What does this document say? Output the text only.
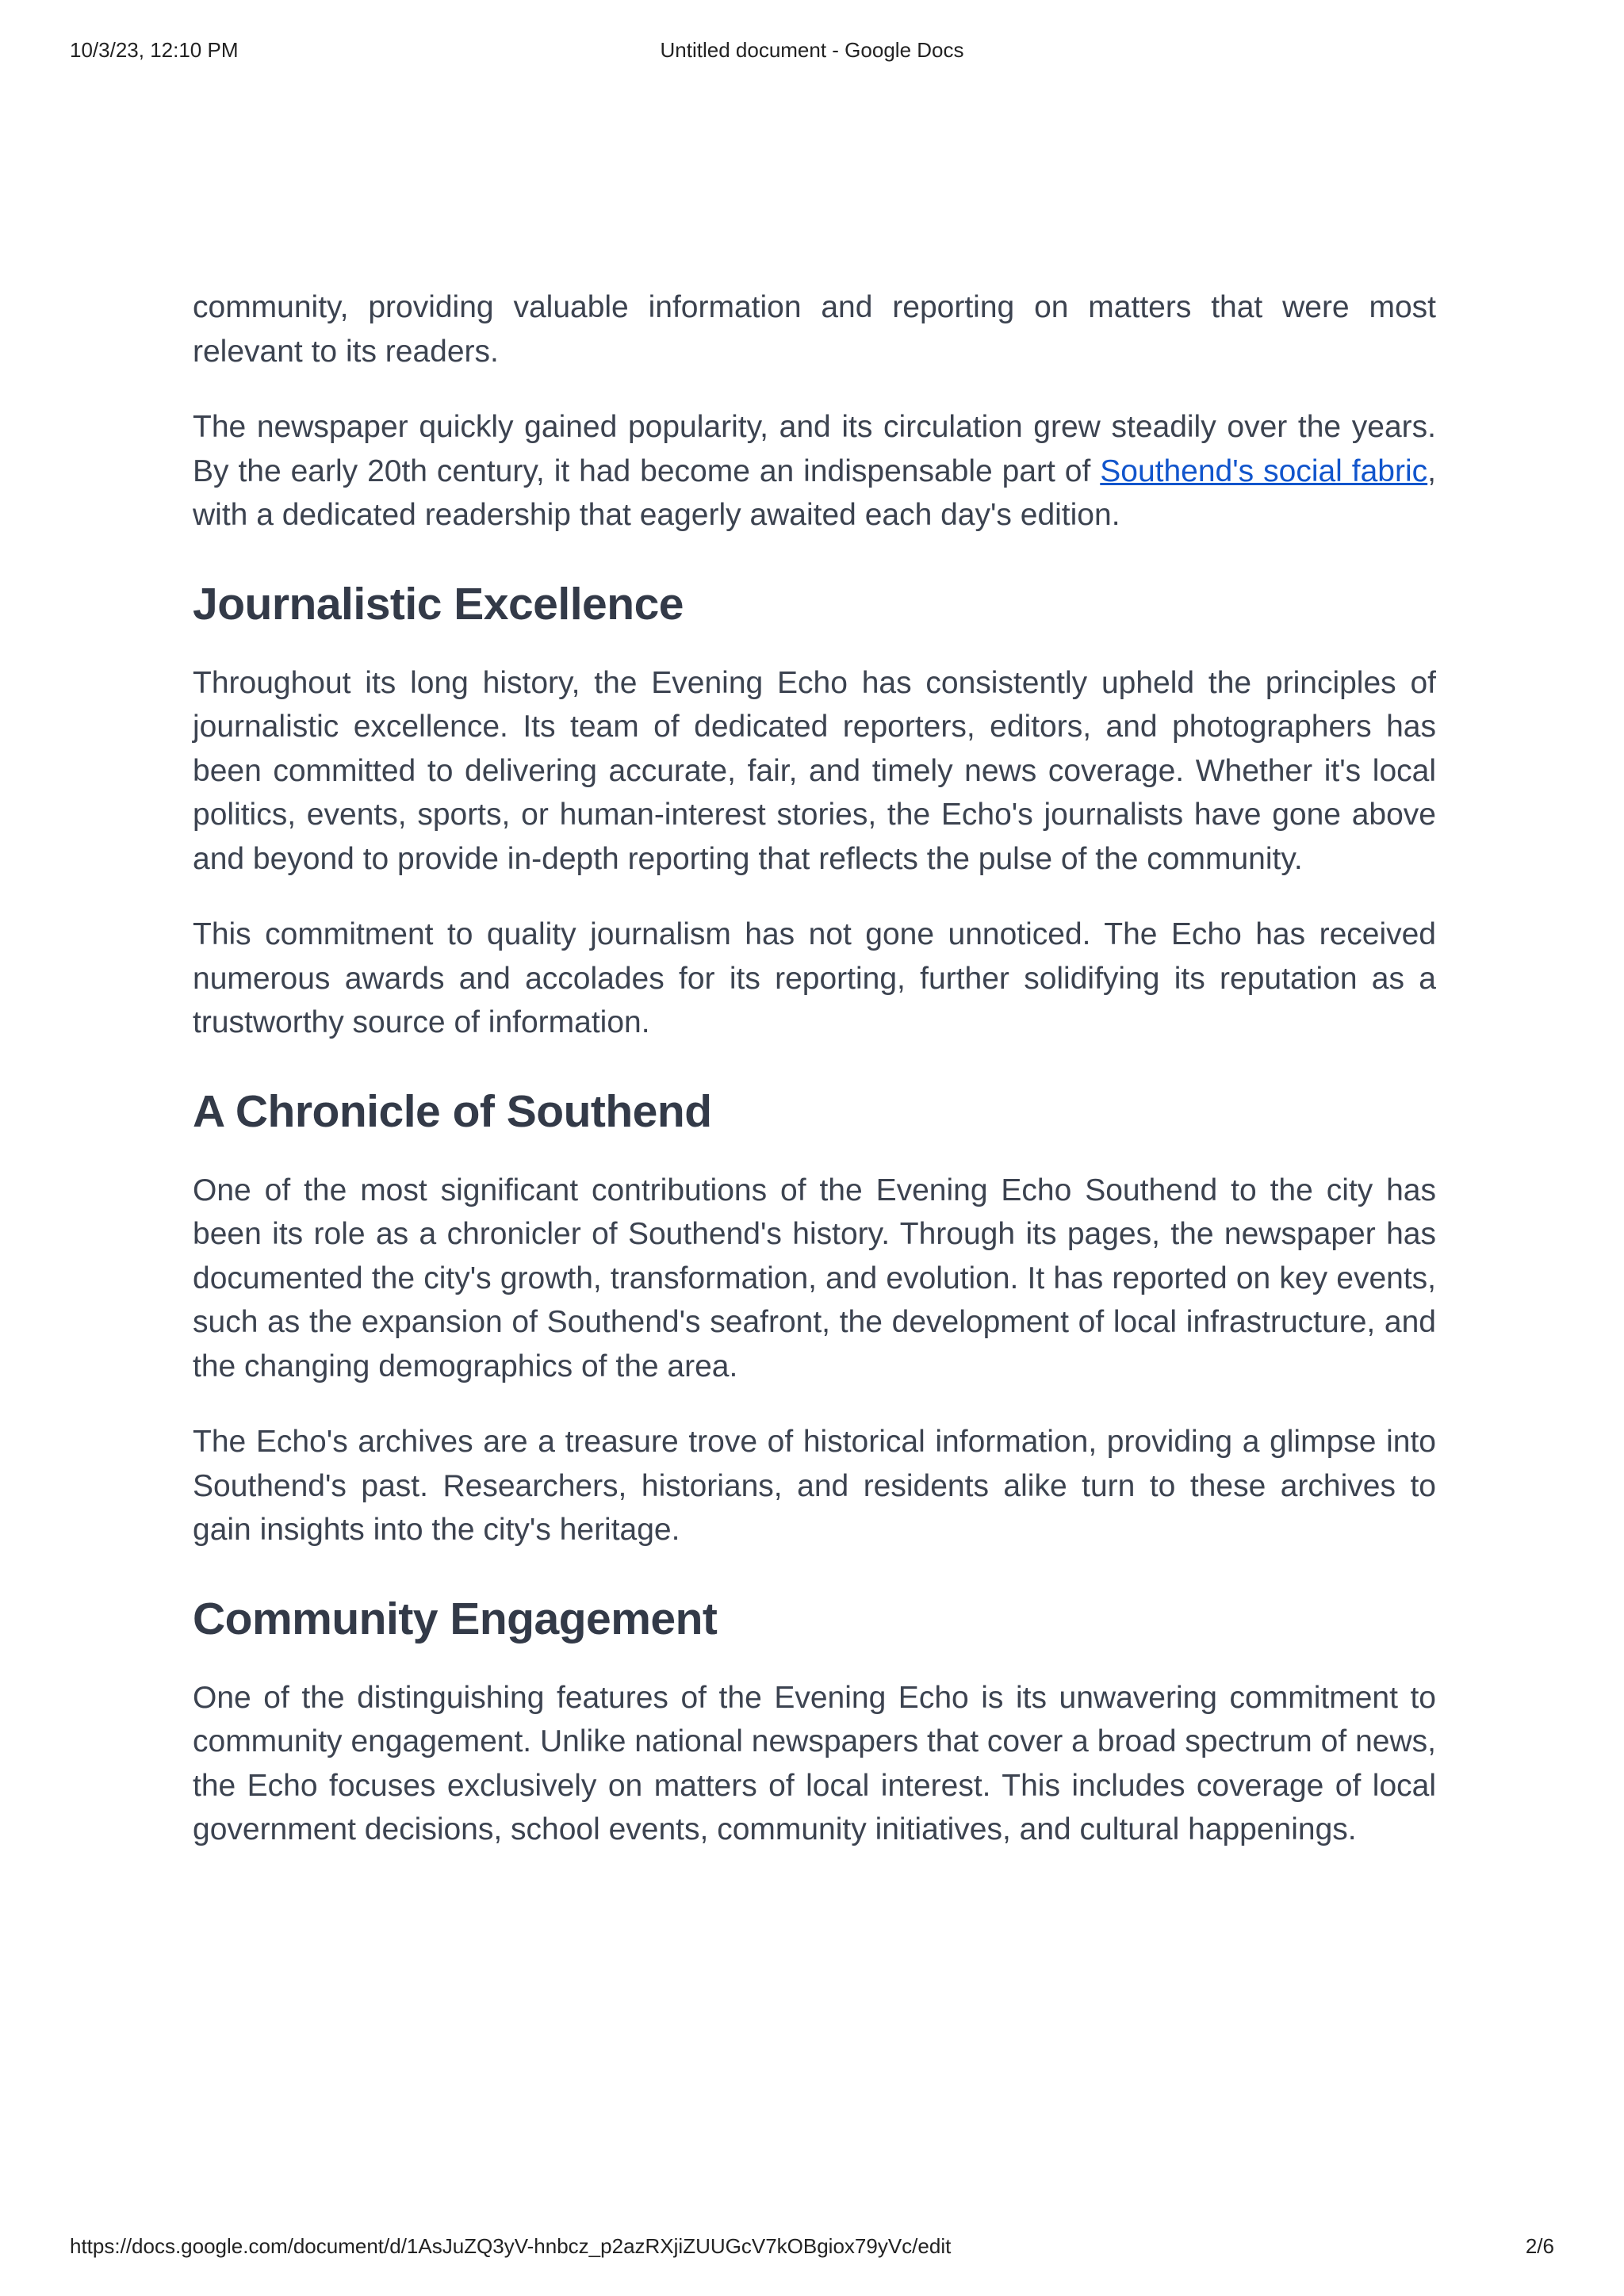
10/3/23, 12:10 PM	Untitled document - Google Docs

community, providing valuable information and reporting on matters that were most relevant to its readers.

The newspaper quickly gained popularity, and its circulation grew steadily over the years. By the early 20th century, it had become an indispensable part of Southend's social fabric, with a dedicated readership that eagerly awaited each day's edition.

Journalistic Excellence

Throughout its long history, the Evening Echo has consistently upheld the principles of journalistic excellence. Its team of dedicated reporters, editors, and photographers has been committed to delivering accurate, fair, and timely news coverage. Whether it's local politics, events, sports, or human-interest stories, the Echo's journalists have gone above and beyond to provide in-depth reporting that reflects the pulse of the community.

This commitment to quality journalism has not gone unnoticed. The Echo has received numerous awards and accolades for its reporting, further solidifying its reputation as a trustworthy source of information.

A Chronicle of Southend

One of the most significant contributions of the Evening Echo Southend to the city has been its role as a chronicler of Southend's history. Through its pages, the newspaper has documented the city's growth, transformation, and evolution. It has reported on key events, such as the expansion of Southend's seafront, the development of local infrastructure, and the changing demographics of the area.

The Echo's archives are a treasure trove of historical information, providing a glimpse into Southend's past. Researchers, historians, and residents alike turn to these archives to gain insights into the city's heritage.

Community Engagement

One of the distinguishing features of the Evening Echo is its unwavering commitment to community engagement. Unlike national newspapers that cover a broad spectrum of news, the Echo focuses exclusively on matters of local interest. This includes coverage of local government decisions, school events, community initiatives, and cultural happenings.

https://docs.google.com/document/d/1AsJuZQ3yV-hnbcz_p2azRXjiZUUGcV7kOBgiox79yVc/edit	2/6
